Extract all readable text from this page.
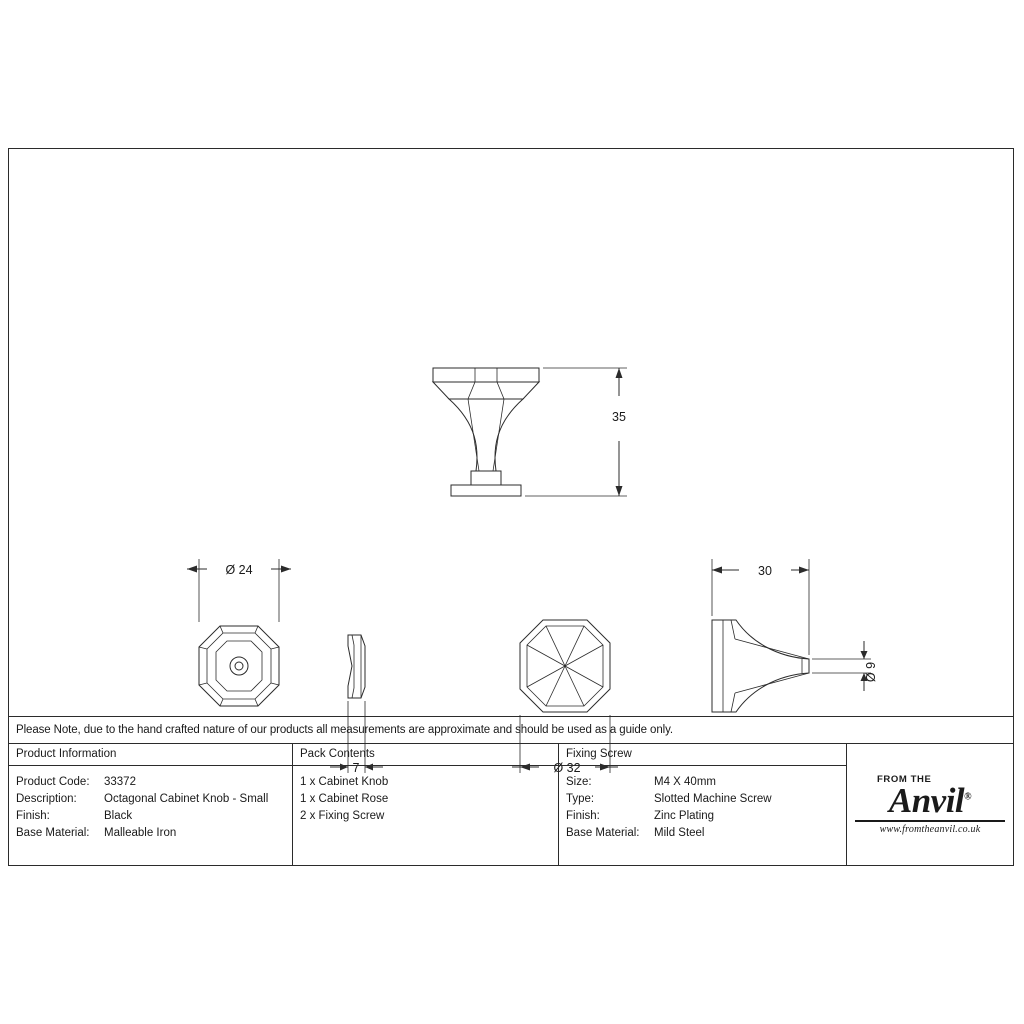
35
Ø 24
7	Ø 32
30
Ø 9
Please Note, due to the hand crafted nature of our products all measurements are approximate and should be used as a guide only.
Product Information
Product Code:	33372
Description:	Octagonal Cabinet Knob - Small
Finish:	Black
Base Material:	Malleable Iron
Pack Contents
1 x Cabinet Knob
1 x Cabinet Rose
2 x Fixing Screw
Fixing Screw
Size:	M4 X 40mm
Type:	Slotted Machine Screw
Finish:	Zinc Plating
Base Material:	Mild Steel
FROM THE
Anvil®
www.fromtheanvil.co.uk
